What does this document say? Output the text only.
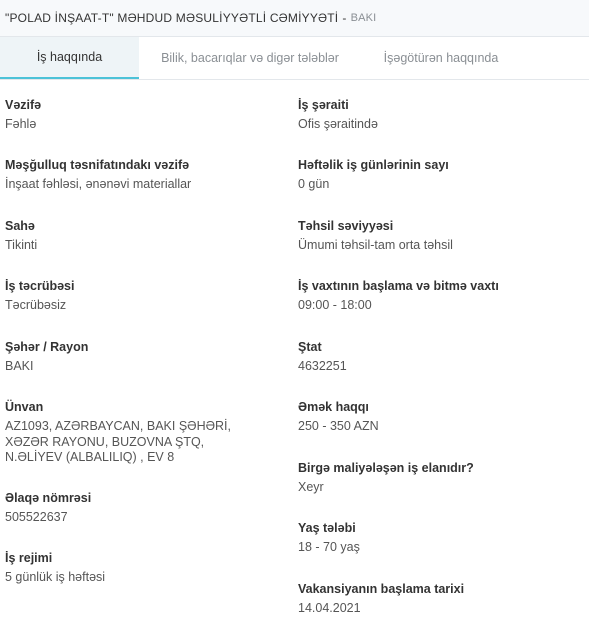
"POLAD İNŞAAT-T" MƏHDUD MƏSULİYYƏTLİ CƏMİYYƏTİ - BAKI
İş haqqında	Bilik, bacarıqlar və digər tələblər	İşəgötürən haqqında
Vəzifə
Fəhlə
Məşğulluq təsnifatındakı vəzifə
İnşaat fəhləsi, ənənəvi materiallar
Sahə
Tikinti
İş təcrübəsi
Təcrübəsiz
Şəhər / Rayon
BAKI
Ünvan
AZ1093, AZƏRBAYCAN, BAKI ŞƏHƏRİ,
XƏZƏR RAYONU, BUZOVNA ŞTQ,
N.ƏLİYEV (ALBALILIQ) , EV 8
Əlaqə nömrəsi
505522637
İş rejimi
5 günlük iş həftəsi
İş şəraiti
Ofis şəraitində
Həftəlik iş günlərinin sayı
0 gün
Təhsil səviyyəsi
Ümumi təhsil-tam orta təhsil
İş vaxtının başlama və bitmə vaxtı
09:00 - 18:00
Ştat
4632251
Əmək haqqı
250 - 350 AZN
Birgə maliyələşən iş elanıdır?
Xeyr
Yaş tələbi
18 - 70 yaş
Vakansiyanın başlama tarixi
14.04.2021
